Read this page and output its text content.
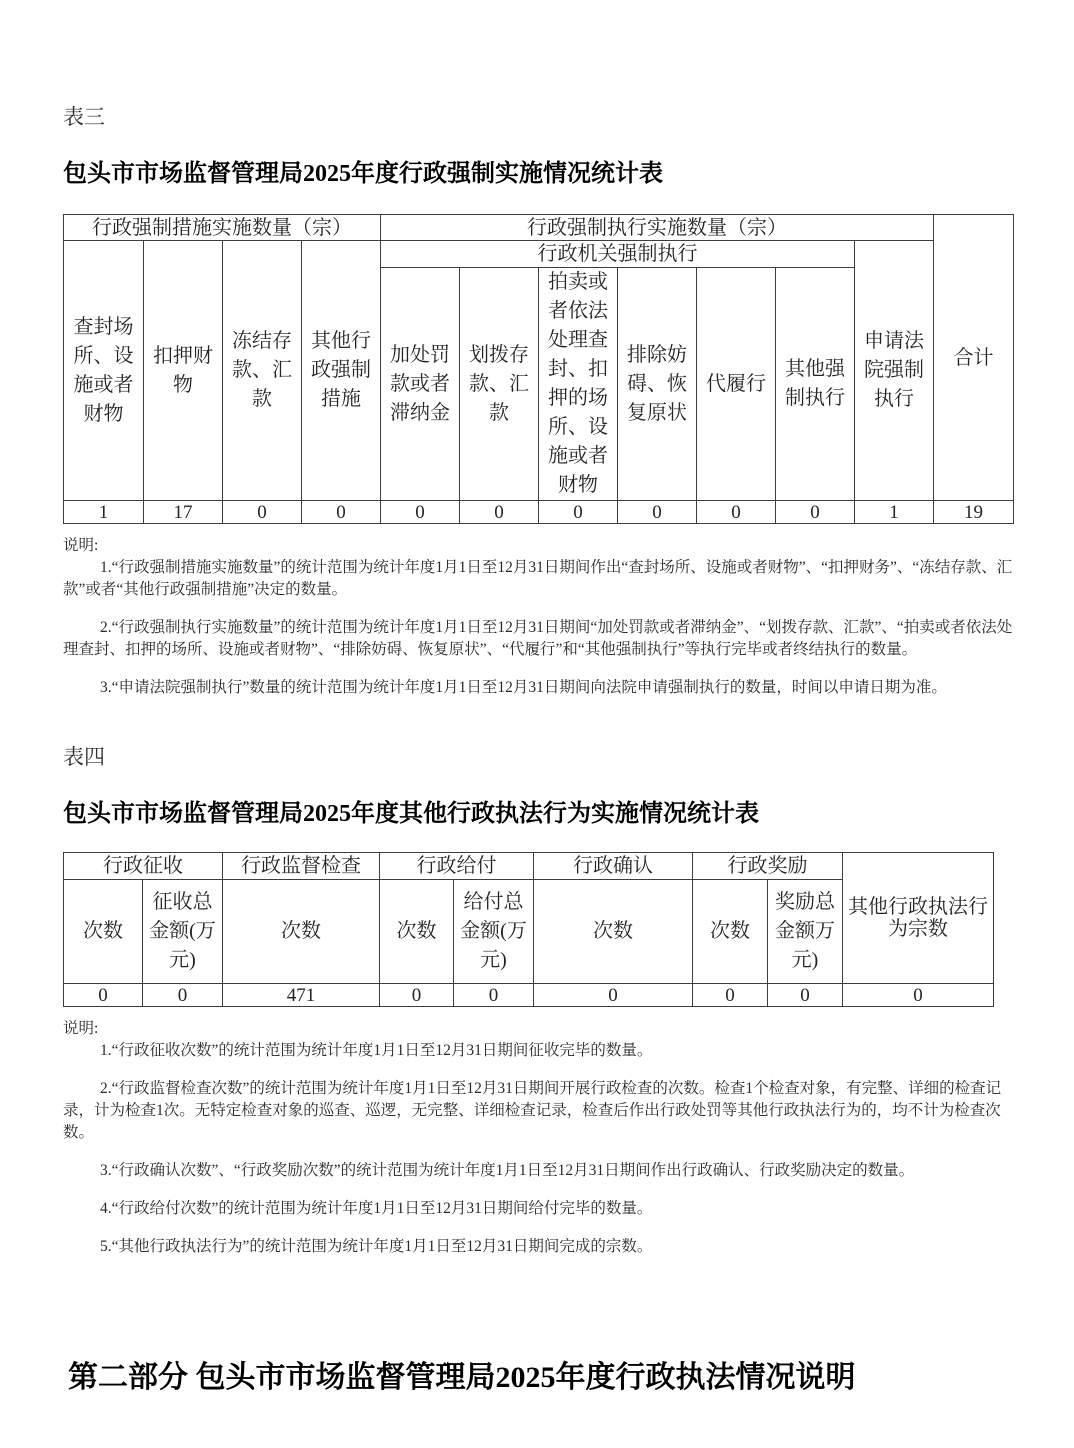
表三
包头市市场监督管理局2025年度行政强制实施情况统计表
行政强制措施实施数量（宗）				行政强制执行实施数量（宗）							合计
查封场所、设施或者财物	扣押财物	冻结存款、汇款	其他行政强制措施	行政机关强制执行						申请法院强制执行	
				加处罚款或者滞纳金	划拨存款、汇款	拍卖或者依法处理查封、扣押的场所、设施或者财物	排除妨碍、恢复原状	代履行	其他强制执行		
1	17	0	0	0	0	0	0	0	0	1	19
说明:

1.“行政强制措施实施数量”的统计范围为统计年度1月1日至12月31日期间作出“查封场所、设施或者财物”、“扣押财务”、“冻结存款、汇款”或者“其他行政强制措施”决定的数量。

2.“行政强制执行实施数量”的统计范围为统计年度1月1日至12月31日期间“加处罚款或者滞纳金”、“划拨存款、汇款”、“拍卖或者依法处理查封、扣押的场所、设施或者财物”、“排除妨碍、恢复原状”、“代履行”和“其他强制执行”等执行完毕或者终结执行的数量。

3.“申请法院强制执行”数量的统计范围为统计年度1月1日至12月31日期间向法院申请强制执行的数量，时间以申请日期为准。

表四
包头市市场监督管理局2025年度其他行政执法行为实施情况统计表
行政征收		行政监督检查	行政给付		行政确认	行政奖励		其他行政执法行为宗数
次数	征收总金额(万元)	次数	次数	给付总金额(万元)	次数	次数	奖励总金额万元)	
0	0	471	0	0	0	0	0	0
说明:

1.“行政征收次数”的统计范围为统计年度1月1日至12月31日期间征收完毕的数量。

2.“行政监督检查次数”的统计范围为统计年度1月1日至12月31日期间开展行政检查的次数。检查1个检查对象，有完整、详细的检查记录，计为检查1次。无特定检查对象的巡查、巡逻，无完整、详细检查记录，检查后作出行政处罚等其他行政执法行为的，均不计为检查次数。

3.“行政确认次数”、“行政奖励次数”的统计范围为统计年度1月1日至12月31日期间作出行政确认、行政奖励决定的数量。

4.“行政给付次数”的统计范围为统计年度1月1日至12月31日期间给付完毕的数量。

5.“其他行政执法行为”的统计范围为统计年度1月1日至12月31日期间完成的宗数。

第二部分 包头市市场监督管理局2025年度行政执法情况说明
